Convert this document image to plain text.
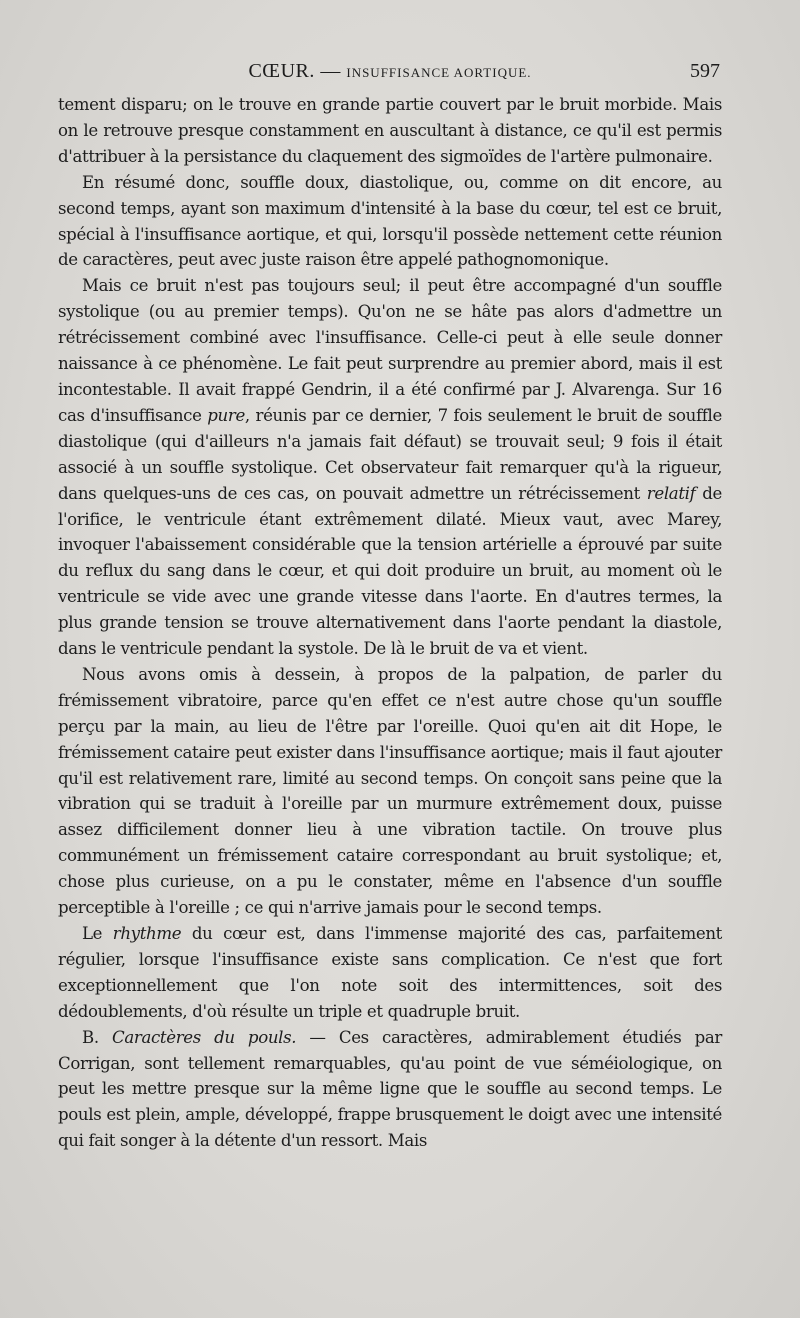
CŒUR. — INSUFFISANCE AORTIQUE.	597

tement disparu; on le trouve en grande partie couvert par le bruit morbide. Mais on le retrouve presque constamment en auscultant à distance, ce qu'il est permis d'attribuer à la persistance du claquement des sigmoïdes de l'artère pulmonaire.

En résumé donc, souffle doux, diastolique, ou, comme on dit encore, au second temps, ayant son maximum d'intensité à la base du cœur, tel est ce bruit, spécial à l'insuffisance aortique, et qui, lorsqu'il possède nettement cette réunion de caractères, peut avec juste raison être appelé pathognomonique.

Mais ce bruit n'est pas toujours seul; il peut être accompagné d'un souffle systolique (ou au premier temps). Qu'on ne se hâte pas alors d'admettre un rétrécissement combiné avec l'insuffisance. Celle-ci peut à elle seule donner naissance à ce phénomène. Le fait peut surprendre au premier abord, mais il est incontestable. Il avait frappé Gendrin, il a été confirmé par J. Alvarenga. Sur 16 cas d'insuffisance pure, réunis par ce dernier, 7 fois seulement le bruit de souffle diastolique (qui d'ailleurs n'a jamais fait défaut) se trouvait seul; 9 fois il était associé à un souffle systolique. Cet observateur fait remarquer qu'à la rigueur, dans quelques-uns de ces cas, on pouvait admettre un rétrécissement relatif de l'orifice, le ventricule étant extrêmement dilaté. Mieux vaut, avec Marey, invoquer l'abaissement considérable que la tension artérielle a éprouvé par suite du reflux du sang dans le cœur, et qui doit produire un bruit, au moment où le ventricule se vide avec une grande vitesse dans l'aorte. En d'autres termes, la plus grande tension se trouve alternativement dans l'aorte pendant la diastole, dans le ventricule pendant la systole. De là le bruit de va et vient.

Nous avons omis à dessein, à propos de la palpation, de parler du frémissement vibratoire, parce qu'en effet ce n'est autre chose qu'un souffle perçu par la main, au lieu de l'être par l'oreille. Quoi qu'en ait dit Hope, le frémissement cataire peut exister dans l'insuffisance aortique; mais il faut ajouter qu'il est relativement rare, limité au second temps. On conçoit sans peine que la vibration qui se traduit à l'oreille par un murmure extrêmement doux, puisse assez difficilement donner lieu à une vibration tactile. On trouve plus communément un frémissement cataire correspondant au bruit systolique; et, chose plus curieuse, on a pu le constater, même en l'absence d'un souffle perceptible à l'oreille ; ce qui n'arrive jamais pour le second temps.

Le rhythme du cœur est, dans l'immense majorité des cas, parfaitement régulier, lorsque l'insuffisance existe sans complication. Ce n'est que fort exceptionnellement que l'on note soit des intermittences, soit des dédoublements, d'où résulte un triple et quadruple bruit.

B. Caractères du pouls. — Ces caractères, admirablement étudiés par Corrigan, sont tellement remarquables, qu'au point de vue séméiologique, on peut les mettre presque sur la même ligne que le souffle au second temps. Le pouls est plein, ample, développé, frappe brusquement le doigt avec une intensité qui fait songer à la détente d'un ressort. Mais
